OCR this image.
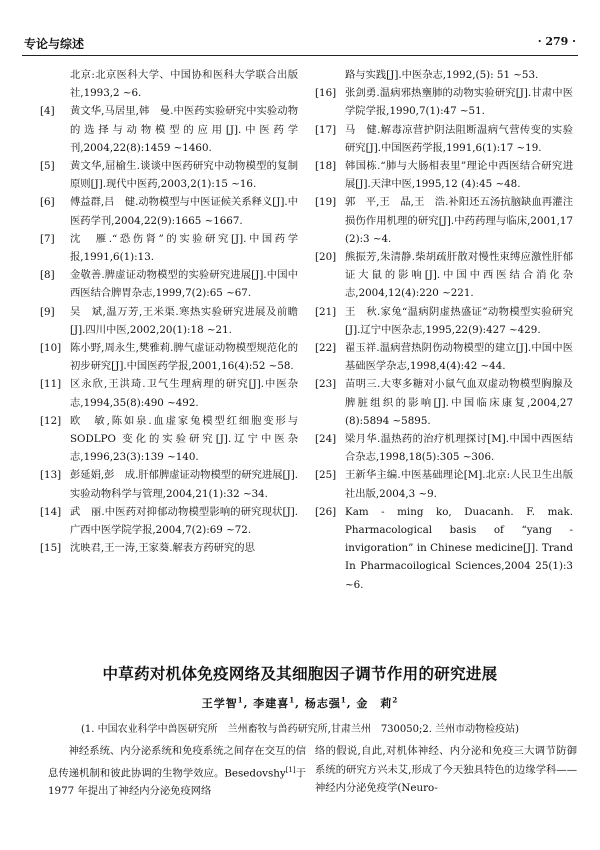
专论与综述	· 279 ·
北京:北京医科大学、中国协和医科大学联合出版社,1993,2 ~6.
[4]	黄文华,马居里,韩　曼.中医药实验研究中实验动物的选择与动物模型的应用[J].中医药学刊,2004,22(8):1459 ~1460.
[5]	黄文华,屈榆生.谈谈中医药研究中动物模型的复制原则[J].现代中医药,2003,2(1):15 ~16.
[6]	傅益群,吕　健.动物模型与中医证候关系释义[J].中医药学刊,2004,22(9):1665 ~1667.
[7]	沈　雁.“恐伤肾”的实验研究[J].中国药学报,1991,6(1):13.
[8]	金敬善.脾虚证动物模型的实验研究进展[J].中国中西医结合脾胃杂志,1999,7(2):65 ~67.
[9]	吴　斌,温万芳,王米渠.寒热实验研究进展及前瞻[J].四川中医,2002,20(1):18 ~21.
[10] 陈小野,周永生,樊雅莉.脾气虚证动物模型规范化的初步研究[J].中国医药学报,2001,16(4):52 ~58.
[11] 区永欣,王洪琦.卫气生理病理的研究[J].中医杂志,1994,35(8):490 ~492.
[12] 欧　敏,陈如泉.血虚家兔模型红细胞变形与 SODLPO 变化的实验研究[J].辽宁中医杂志,1996,23(3):139 ~140.
[13] 彭延娟,彭　成.肝郁脾虚证动物模型的研究进展[J].实验动物科学与管理,2004,21(1):32 ~34.
[14] 武　丽.中医药对抑郁动物模型影响的研究现状[J].广西中医学院学报,2004,7(2):69 ~72.
[15] 沈映君,王一涛,王家葵.解表方药研究的思
路与实践[J].中医杂志,1992,(5): 51 ~53.
[16] 张剑勇.温病邪热壅肺的动物实验研究[J].甘肃中医学院学报,1990,7(1):47 ~51.
[17] 马　健.解毒凉营护阴法阻断温病气营传变的实验研究[J].中国医药学报,1991,6(1):17 ~19.
[18] 韩国栋.“肺与大肠相表里”理论中西医结合研究进展[J].天津中医,1995,12 (4):45 ~48.
[19] 郭　平,王　晶,王　浩.补阳还五汤抗脑缺血再灌注损伤作用机理的研究[J].中药药理与临床,2001,17 (2):3 ~4.
[20] 熊振芳,朱清静.柴胡疏肝散对慢性束缚应激性肝郁证大鼠的影响[J].中国中西医结合消化杂志,2004,12(4):220 ~221.
[21] 王　秋.家兔“温病阴虚热盛证”动物模型实验研究[J].辽宁中医杂志,1995,22(9):427 ~429.
[22] 翟玉祥.温病营热阴伤动物模型的建立[J].中国中医基础医学杂志,1998,4(4):42 ~44.
[23] 苗明三.大枣多糖对小鼠气血双虚动物模型胸腺及脾脏组织的影响[J].中国临床康复,2004,27 (8):5894 ~5895.
[24] 梁月华.温热药的治疗机理探讨[M].中国中西医结合杂志,1998,18(5):305 ~306.
[25] 王新华主编.中医基础理论[M].北京:人民卫生出版社出版,2004,3 ~9.
[26] Kam - ming ko, Duacanh. F. mak. Pharmacological basis of “yang - invigoration” in Chinese medicine[J]. Trand In Pharmacoilogical Sciences,2004 25(1):3 ~6.
中草药对机体免疫网络及其细胞因子调节作用的研究进展
王学智$^1$, 李建喜$^1$, 杨志强$^1$, 金　莉$^2$
(1. 中国农业科学中兽医研究所　兰州畜牧与兽药研究所,甘肃兰州　730050;2. 兰州市动物检疫站)
神经系统、内分泌系统和免疫系统之间存在交互的信息传递机制和彼此协调的生物学效应。Besedovshy[1]于 1977 年提出了神经内分泌免疫网络
络的假说,自此,对机体神经、内分泌和免疫三大调节防御系统的研究方兴未艾,形成了今天独具特色的边缘学科——神经内分泌免疫学(Neuro-
